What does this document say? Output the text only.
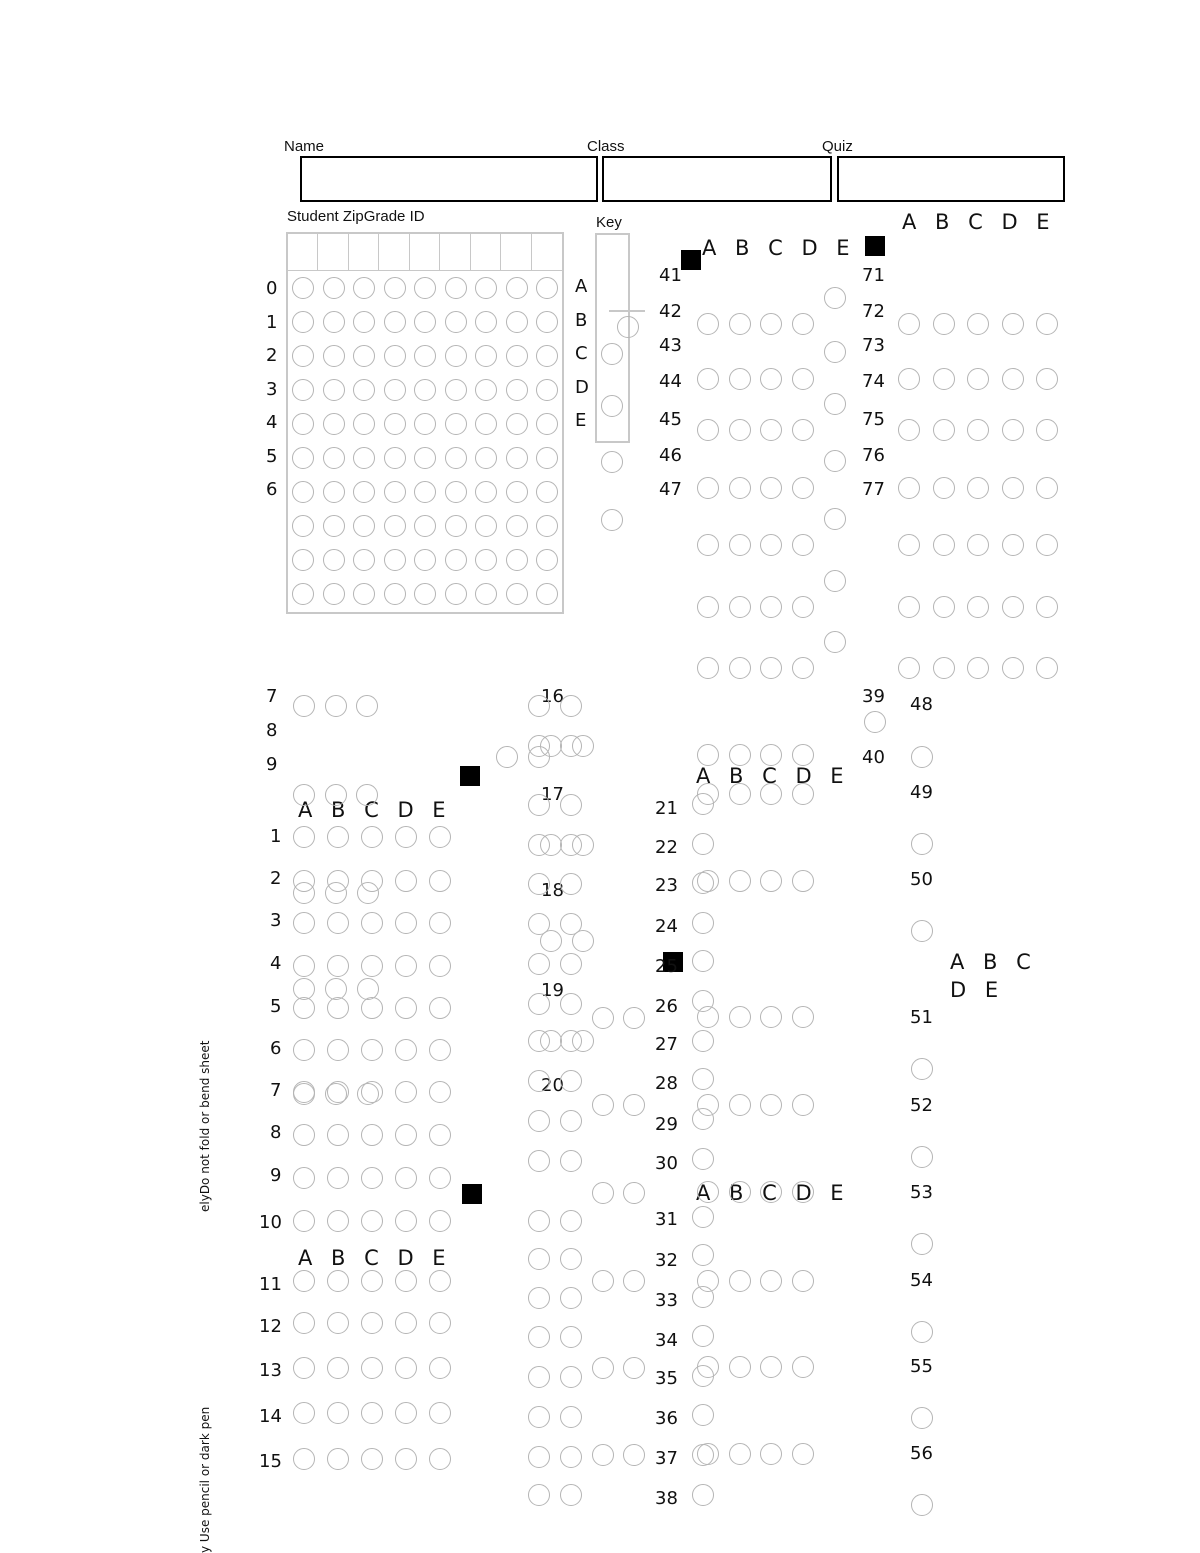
Name	Class	Quiz
Student ZipGrade ID
0
1
2
3
4
5
6
Key
A
B
C
D
E
A B C D E
A B C D E
A B C D E
A B C D E
A B C D E
A B C D E
A B C
D E
41
42
43
44
45
46
47
71
72
73
74
75
76
77
7
8
9
1
2
3
4
5
6
7
8
9
10
11
12
13
14
15
16
17
18
19
20
21
22
23
24
25
26
27
28
29
30
31
32
33
34
35
36
37
38
39
40
48
49
50
51
52
53
54
55
56
elyDo not fold or bend sheet
y Use pencil or dark pen
